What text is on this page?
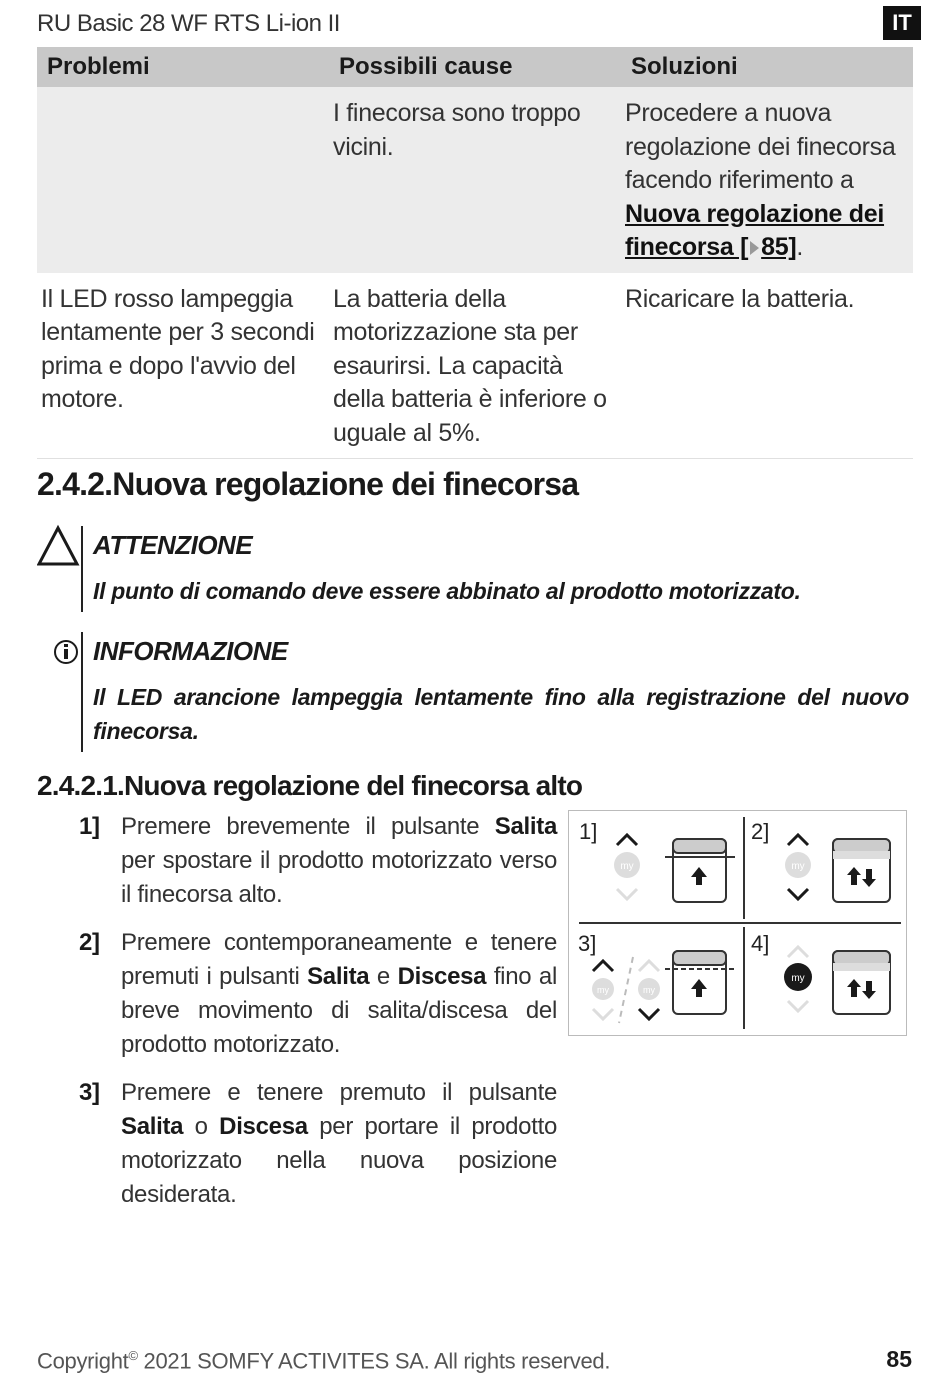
RU Basic 28 WF RTS Li-ion II	IT
Problemi	Possibili cause	Soluzioni
	I finecorsa sono troppo vicini.	Procedere a nuova regolazione dei finecorsa facendo riferimento a Nuova regolazione dei finecorsa [ 85].
Il LED rosso lampeggia lentamente per 3 secondi prima e dopo l'avvio del motore.	La batteria della motorizzazione sta per esaurirsi. La capacità della batteria è inferiore o uguale al 5%.	Ricaricare la batteria.
2.4.2.Nuova regolazione dei finecorsa
ATTENZIONE
Il punto di comando deve essere abbinato al prodotto motorizzato.
INFORMAZIONE
Il LED arancione lampeggia lentamente fino alla registrazione del nuovo finecorsa.
2.4.2.1.Nuova regolazione del finecorsa alto
1] Premere brevemente il pulsante Salita per spostare il prodotto motorizzato verso il finecorsa alto.
2] Premere contemporaneamente e tenere premuti i pulsanti Salita e Discesa fino al breve movimento di salita/discesa del prodotto motorizzato.
3] Premere e tenere premuto il pulsante Salita o Discesa per portare il prodotto motorizzato nella nuova posizione desiderata.
my	my
my	my
my
1]	2]
3]	4]
Copyright© 2021 SOMFY ACTIVITES SA. All rights reserved.	85
